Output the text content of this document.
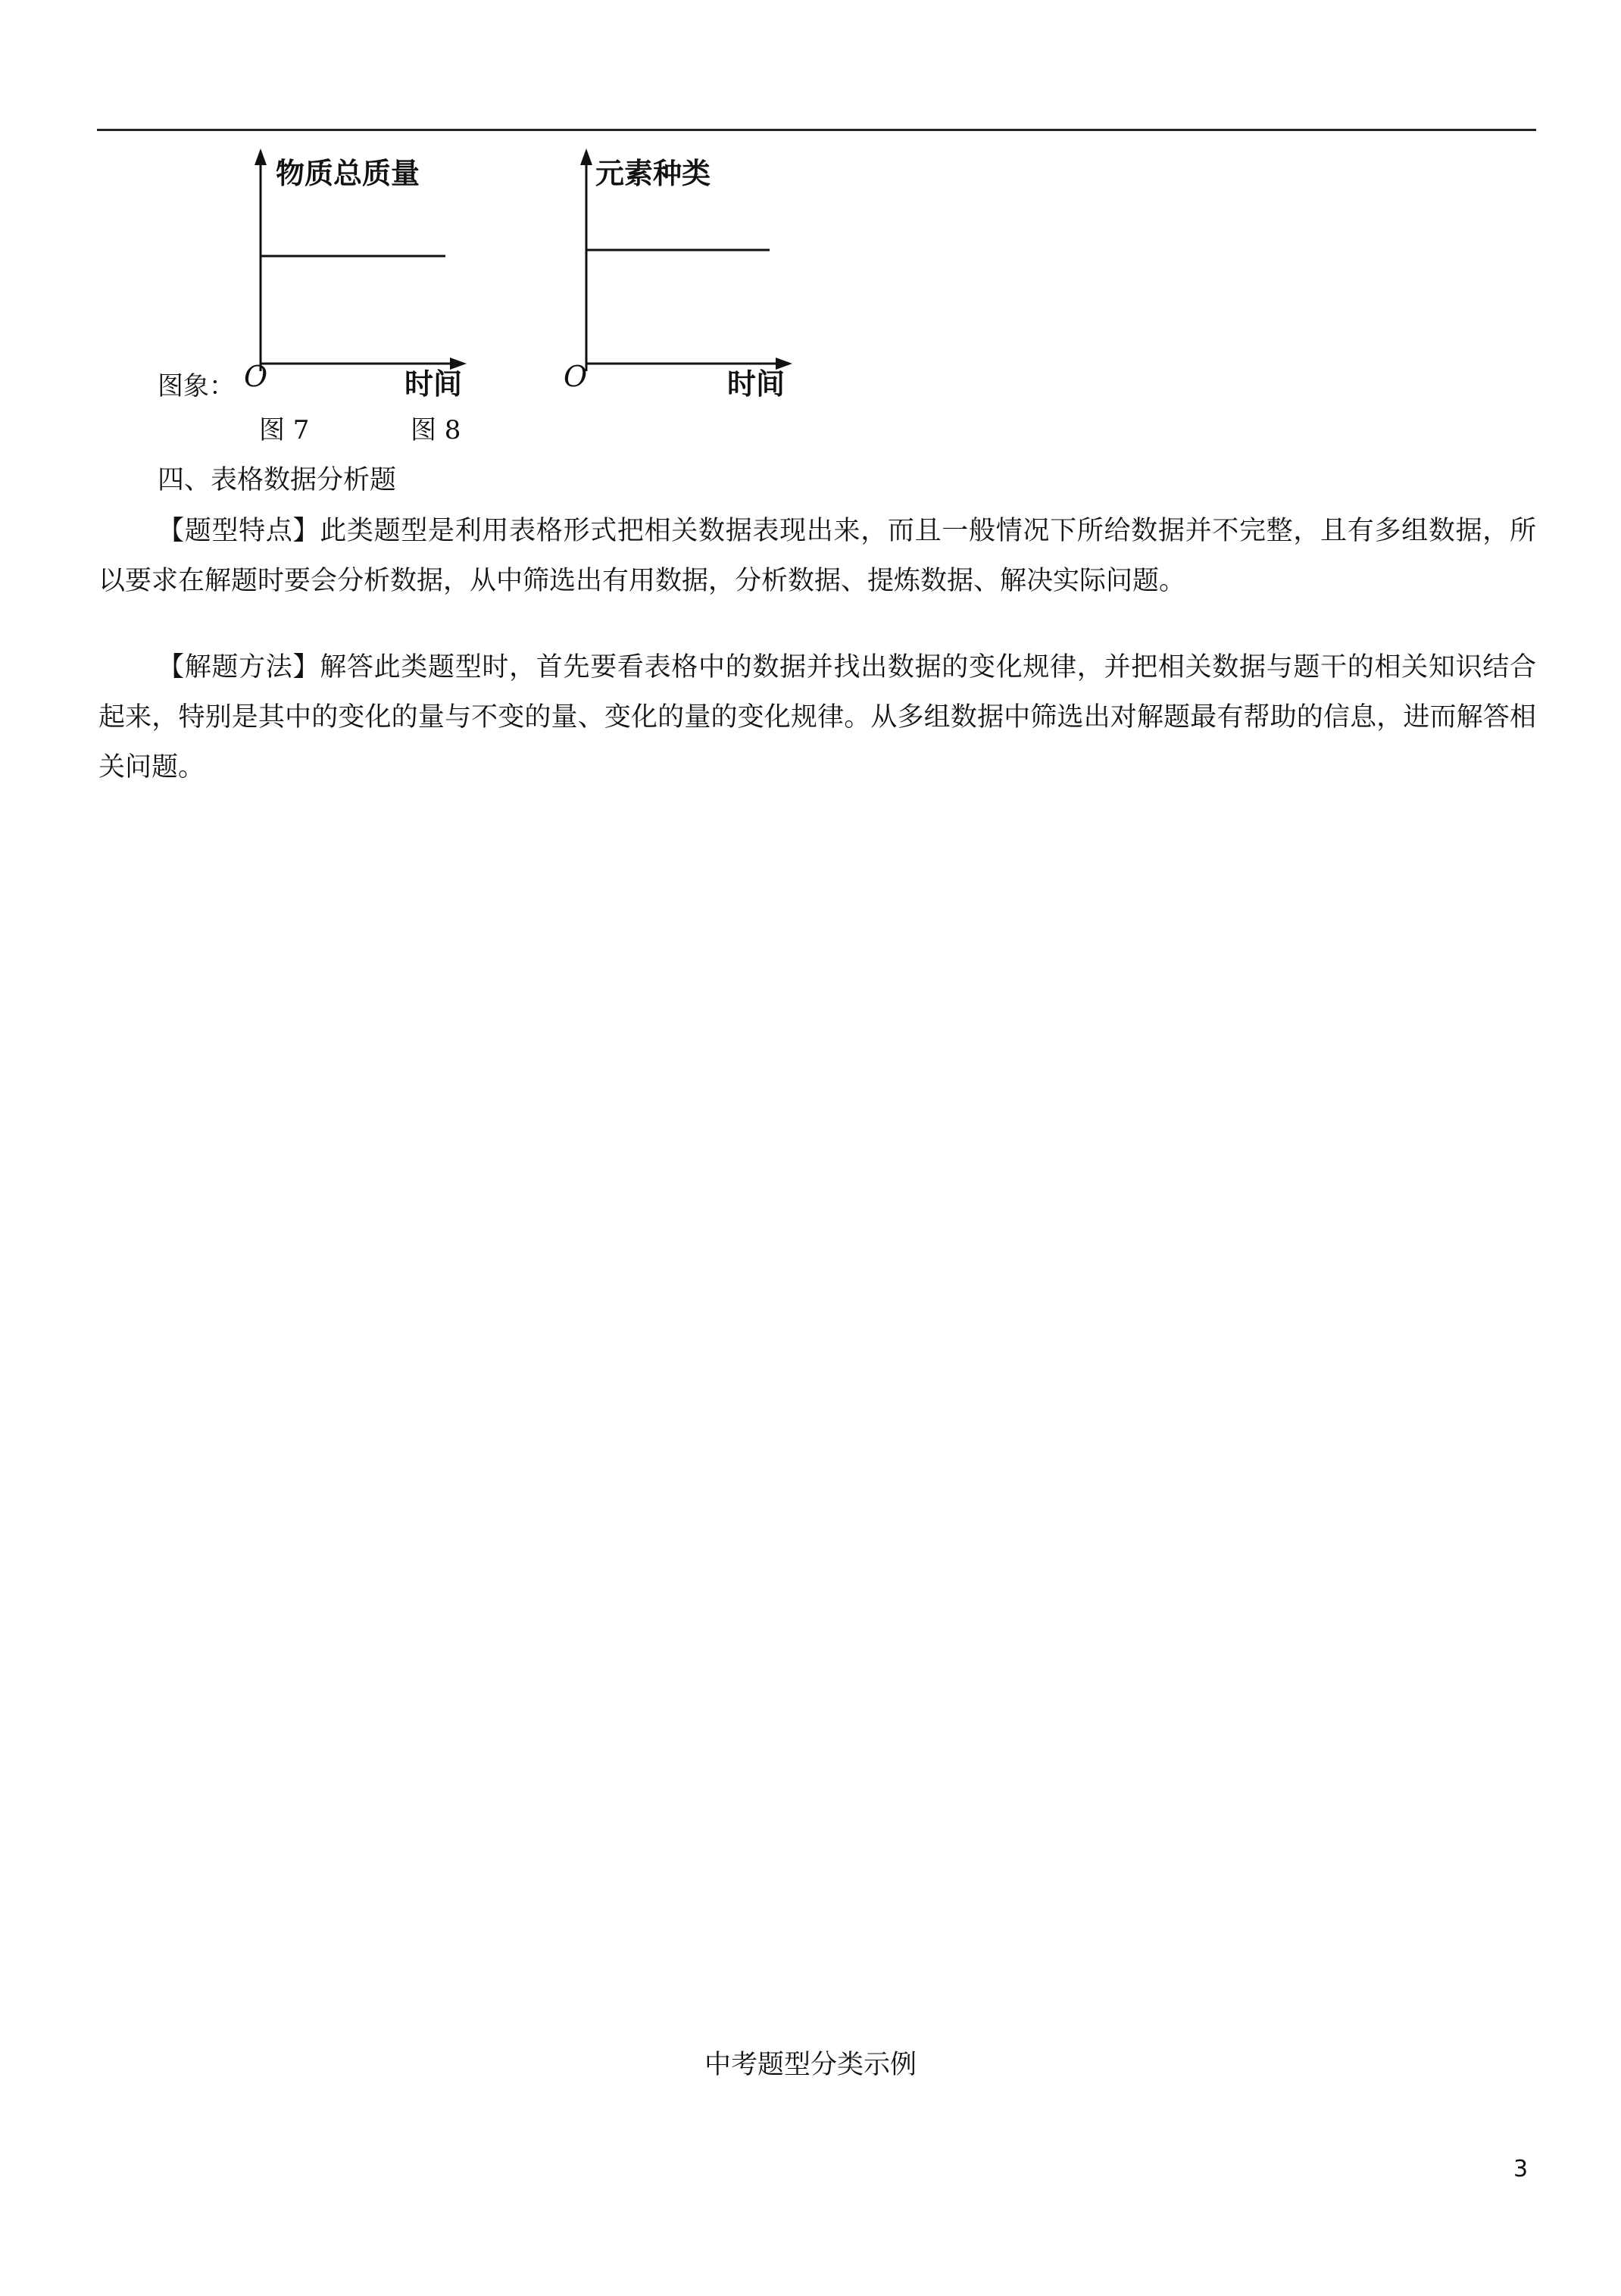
物质总质量
时间
O
元素种类
时间
O
图象：
图 7	图 8
四、表格数据分析题

【题型特点】此类题型是利用表格形式把相关数据表现出来，而且一般情况下所给数据并不完整，且有多组数据，所以要求在解题时要会分析数据，从中筛选出有用数据，分析数据、提炼数据、解决实际问题。

【解题方法】解答此类题型时，首先要看表格中的数据并找出数据的变化规律，并把相关数据与题干的相关知识结合起来，特别是其中的变化的量与不变的量、变化的量的变化规律。从多组数据中筛选出对解题最有帮助的信息，进而解答相关问题。

中考题型分类示例
3
